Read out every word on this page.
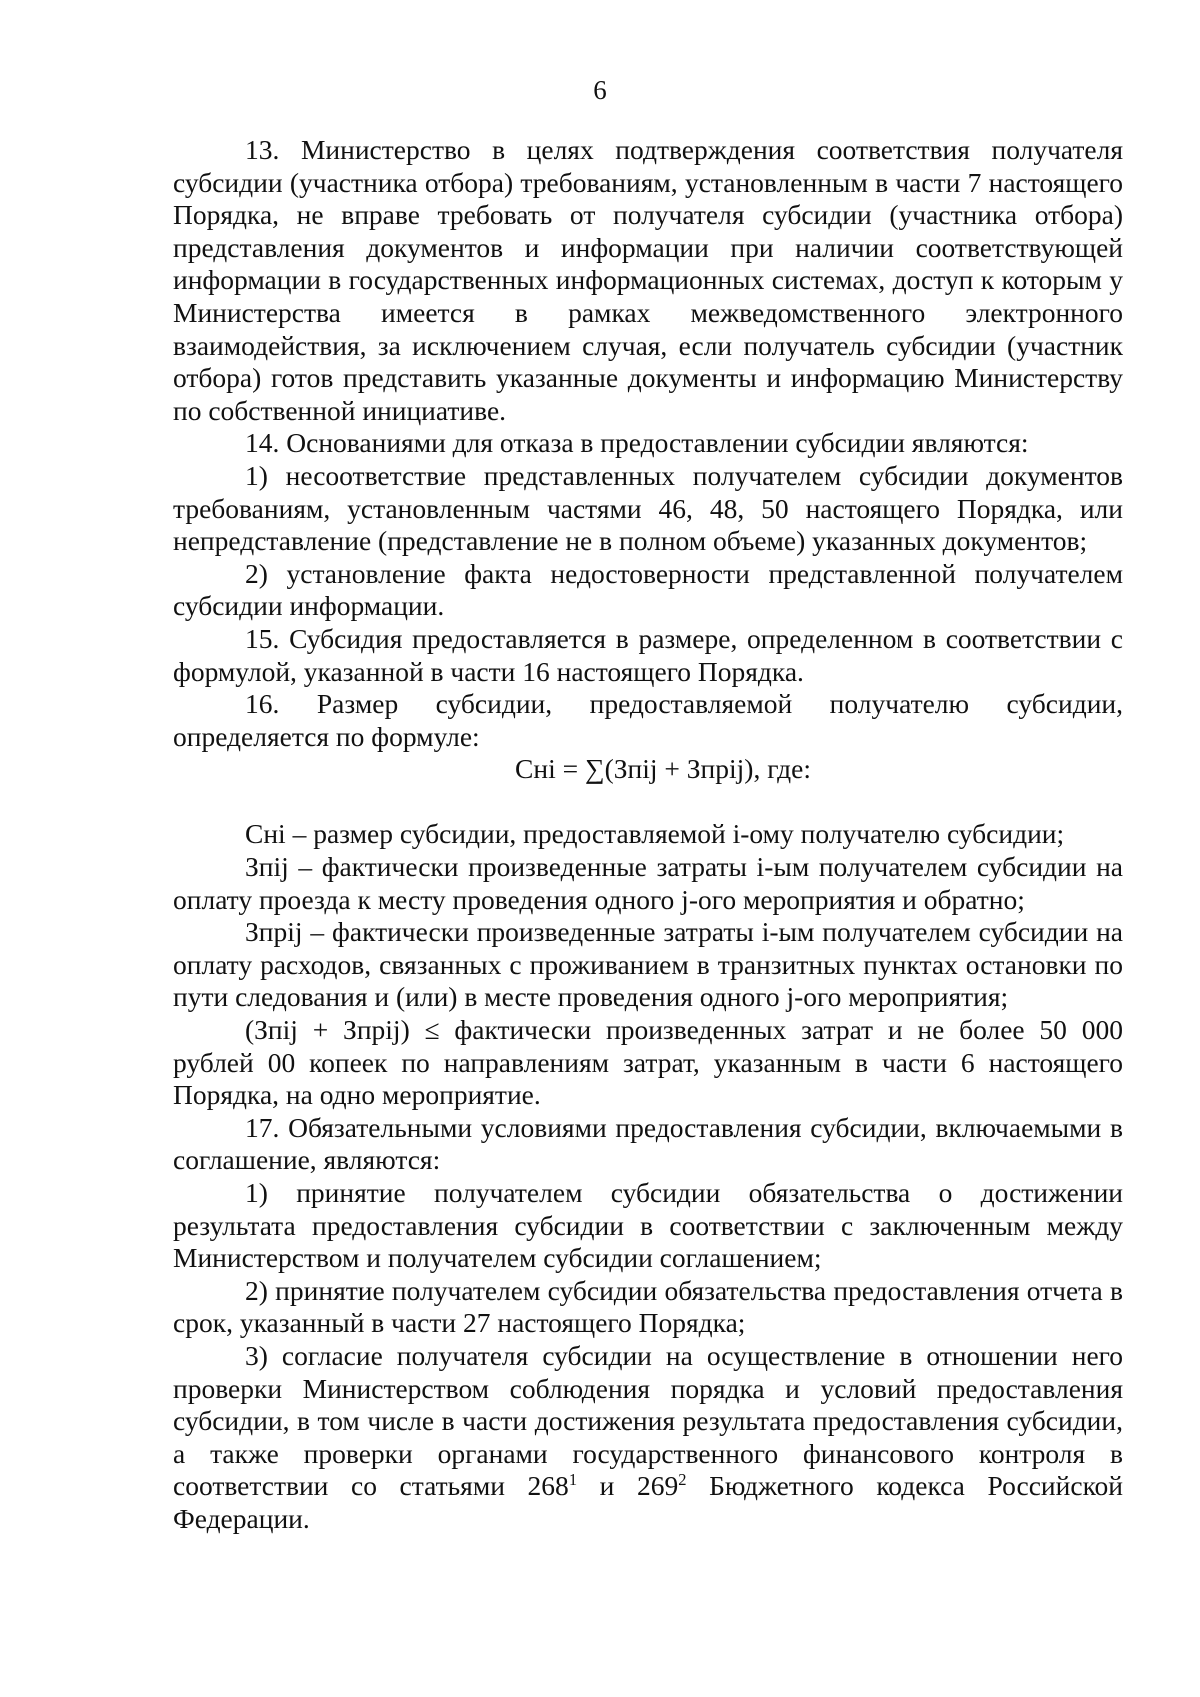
6

13. Министерство в целях подтверждения соответствия получателя субсидии (участника отбора) требованиям, установленным в части 7 настоящего Порядка, не вправе требовать от получателя субсидии (участника отбора) представления документов и информации при наличии соответствующей информации в государственных информационных системах, доступ к которым у Министерства имеется в рамках межведомственного электронного взаимодействия, за исключением случая, если получатель субсидии (участник отбора) готов представить указанные документы и информацию Министерству по собственной инициативе.

14. Основаниями для отказа в предоставлении субсидии являются:

1) несоответствие представленных получателем субсидии документов требованиям, установленным частями 46, 48, 50 настоящего Порядка, или непредставление (представление не в полном объеме) указанных документов;

2) установление факта недостоверности представленной получателем субсидии информации.

15. Субсидия предоставляется в размере, определенном в соответствии с формулой, указанной в части 16 настоящего Порядка.

16. Размер субсидии, предоставляемой получателю субсидии, определяется по формуле:

Сні = ∑(Зпіj + Зпрij), где:

Сні – размер субсидии, предоставляемой i-ому получателю субсидии;

Зпіj – фактически произведенные затраты i-ым получателем субсидии на оплату проезда к месту проведения одного j-ого мероприятия и обратно;

Зпрij – фактически произведенные затраты i-ым получателем субсидии на оплату расходов, связанных с проживанием в транзитных пунктах остановки по пути следования и (или) в месте проведения одного j-ого мероприятия;

(Зпіj + Зпрij) ≤ фактически произведенных затрат и не более 50 000 рублей 00 копеек по направлениям затрат, указанным в части 6 настоящего Порядка, на одно мероприятие.

17. Обязательными условиями предоставления субсидии, включаемыми в соглашение, являются:

1) принятие получателем субсидии обязательства о достижении результата предоставления субсидии в соответствии с заключенным между Министерством и получателем субсидии соглашением;

2) принятие получателем субсидии обязательства предоставления отчета в срок, указанный в части 27 настоящего Порядка;

3) согласие получателя субсидии на осуществление в отношении него проверки Министерством соблюдения порядка и условий предоставления субсидии, в том числе в части достижения результата предоставления субсидии, а также проверки органами государственного финансового контроля в соответствии со статьями $268^1$ и $269^2$ Бюджетного кодекса Российской Федерации.
